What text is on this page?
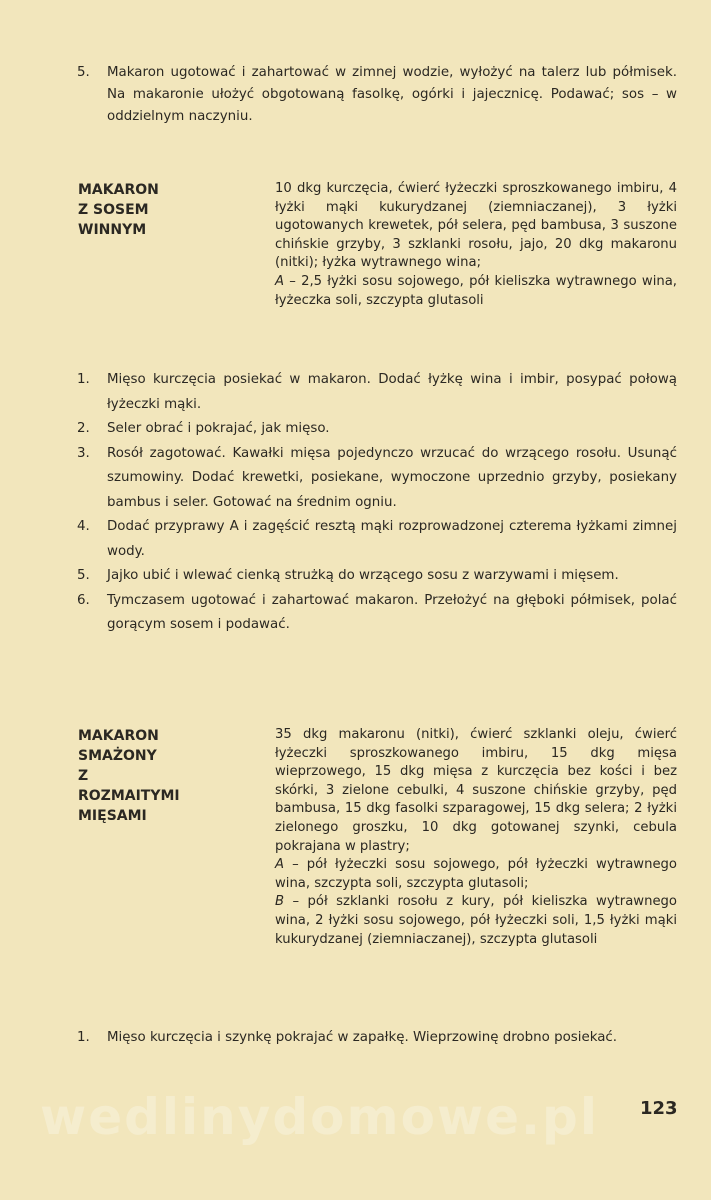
5.	Makaron ugotować i zahartować w zimnej wodzie, wyłożyć na talerz lub półmisek. Na makaronie ułożyć obgotowaną fasolkę, ogórki i jajecznicę. Podawać; sos – w oddzielnym naczyniu.
MAKARON
Z SOSEM
WINNYM
10 dkg kurczęcia, ćwierć łyżeczki sproszkowanego imbiru, 4 łyżki mąki kukurydzanej (ziemniaczanej), 3 łyżki ugotowanych krewetek, pół selera, pęd bambusa, 3 suszone chińskie grzyby, 3 szklanki rosołu, jajo, 20 dkg makaronu (nitki); łyżka wytrawnego wina;
A – 2,5 łyżki sosu sojowego, pół kieliszka wytrawnego wina, łyżeczka soli, szczypta glutasoli
1.	Mięso kurczęcia posiekać w makaron. Dodać łyżkę wina i imbir, posypać połową łyżeczki mąki.
2.	Seler obrać i pokrajać, jak mięso.
3.	Rosół zagotować. Kawałki mięsa pojedynczo wrzucać do wrzącego rosołu. Usunąć szumowiny. Dodać krewetki, posiekane, wymoczone uprzednio grzyby, posiekany bambus i seler. Gotować na średnim ogniu.
4.	Dodać przyprawy A i zagęścić resztą mąki rozprowadzonej czterema łyżkami zimnej wody.
5.	Jajko ubić i wlewać cienką strużką do wrzącego sosu z warzywami i mięsem.
6.	Tymczasem ugotować i zahartować makaron. Przełożyć na głęboki półmisek, polać gorącym sosem i podawać.
MAKARON
SMAŻONY
Z
ROZMAITYMI
MIĘSAMI
35 dkg makaronu (nitki), ćwierć szklanki oleju, ćwierć łyżeczki sproszkowanego imbiru, 15 dkg mięsa wieprzowego, 15 dkg mięsa z kurczęcia bez kości i bez skórki, 3 zielone cebulki, 4 suszone chińskie grzyby, pęd bambusa, 15 dkg fasolki szparagowej, 15 dkg selera; 2 łyżki zielonego groszku, 10 dkg gotowanej szynki, cebula pokrajana w plastry;
A – pół łyżeczki sosu sojowego, pół łyżeczki wytrawnego wina, szczypta soli, szczypta glutasoli;
B – pół szklanki rosołu z kury, pół kieliszka wytrawnego wina, 2 łyżki sosu sojowego, pół łyżeczki soli, 1,5 łyżki mąki kukurydzanej (ziemniaczanej), szczypta glutasoli
1.	Mięso kurczęcia i szynkę pokrajać w zapałkę. Wieprzowinę drobno posiekać.
wedlinydomowe.pl	123
